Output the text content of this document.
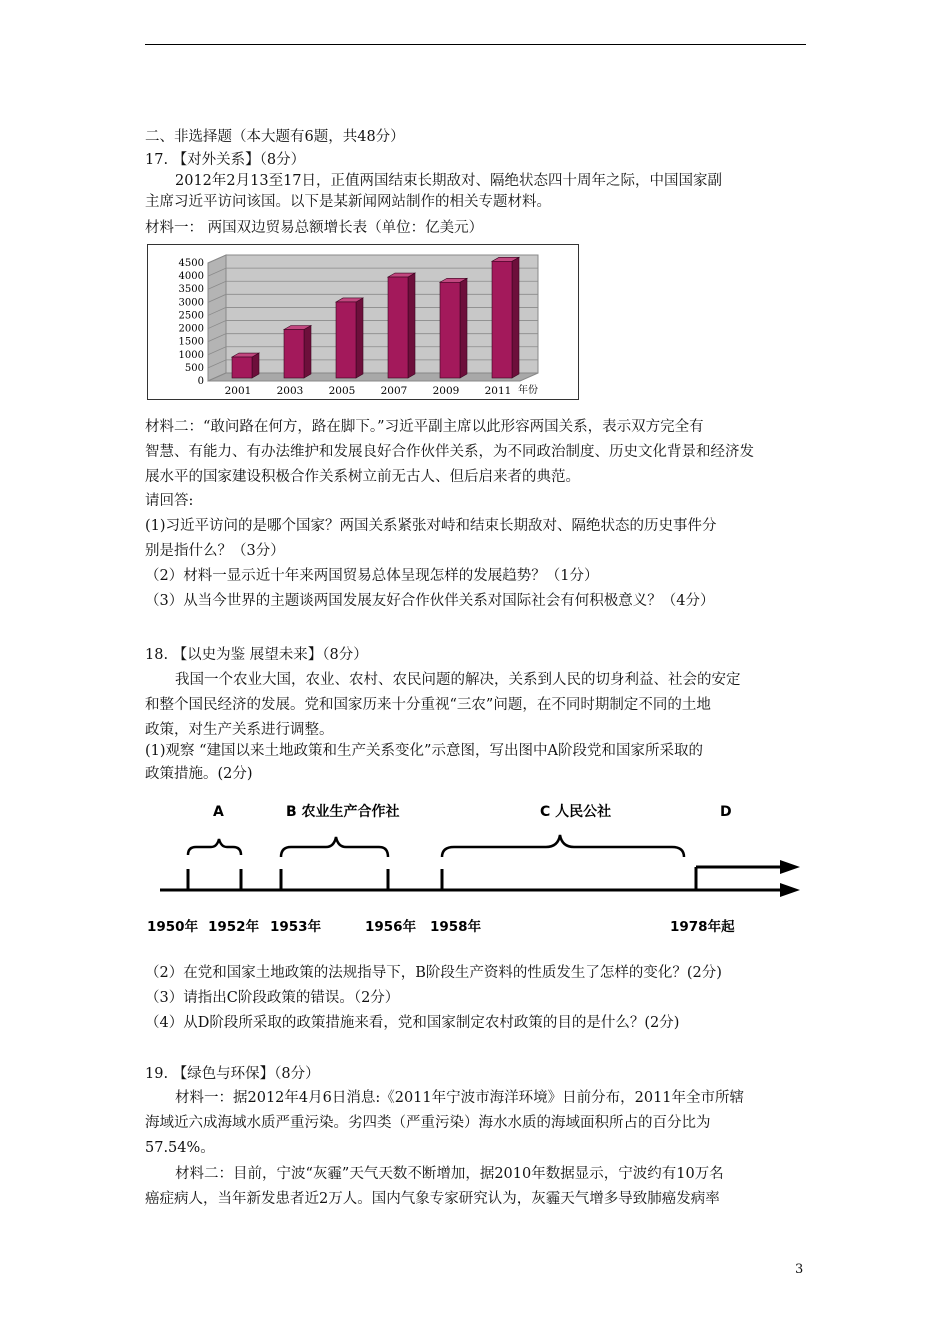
二、非选择题（本大题有6题，共48分）
17. 【对外关系】（8分）
2012年2月13至17日，正值两国结束长期敌对、隔绝状态四十周年之际，中国国家副
主席习近平访问该国。以下是某新闻网站制作的相关专题材料。
材料一： 两国双边贸易总额增长表（单位：亿美元）
0
500
1000
1500
2000
2500
3000
3500
4000
4500
2001 2003 2005 2007 2009 2011 年份
材料二：“敢问路在何方，路在脚下。”习近平副主席以此形容两国关系，表示双方完全有
智慧、有能力、有办法维护和发展良好合作伙伴关系，为不同政治制度、历史文化背景和经济发
展水平的国家建设积极合作关系树立前无古人、但后启来者的典范。
请回答:
(1)习近平访问的是哪个国家？两国关系紧张对峙和结束长期敌对、隔绝状态的历史事件分
别是指什么？（3分）
（2）材料一显示近十年来两国贸易总体呈现怎样的发展趋势？（1分）
（3）从当今世界的主题谈两国发展友好合作伙伴关系对国际社会有何积极意义？（4分）
18. 【以史为鉴 展望未来】（8分）
我国一个农业大国，农业、农村、农民问题的解决，关系到人民的切身利益、社会的安定
和整个国民经济的发展。党和国家历来十分重视“三农”问题，在不同时期制定不同的土地
政策，对生产关系进行调整。
(1)观察 “建国以来土地政策和生产关系变化”示意图，写出图中A阶段党和国家所采取的
政策措施。(2分)
A	B 农业生产合作社	C 人民公社	D
1950年 1952年 1953年	1956年 1958年	1978年起
（2）在党和国家土地政策的法规指导下，B阶段生产资料的性质发生了怎样的变化？(2分)
（3）请指出C阶段政策的错误。（2分）
（4）从D阶段所采取的政策措施来看，党和国家制定农村政策的目的是什么？(2分)
19. 【绿色与环保】（8分）
材料一：据2012年4月6日消息:《2011年宁波市海洋环境》日前分布，2011年全市所辖
海域近六成海域水质严重污染。劣四类（严重污染）海水水质的海域面积所占的百分比为
57.54%。
材料二：目前，宁波“灰霾”天气天数不断增加，据2010年数据显示，宁波约有10万名
癌症病人，当年新发患者近2万人。国内气象专家研究认为，灰霾天气增多导致肺癌发病率
3
